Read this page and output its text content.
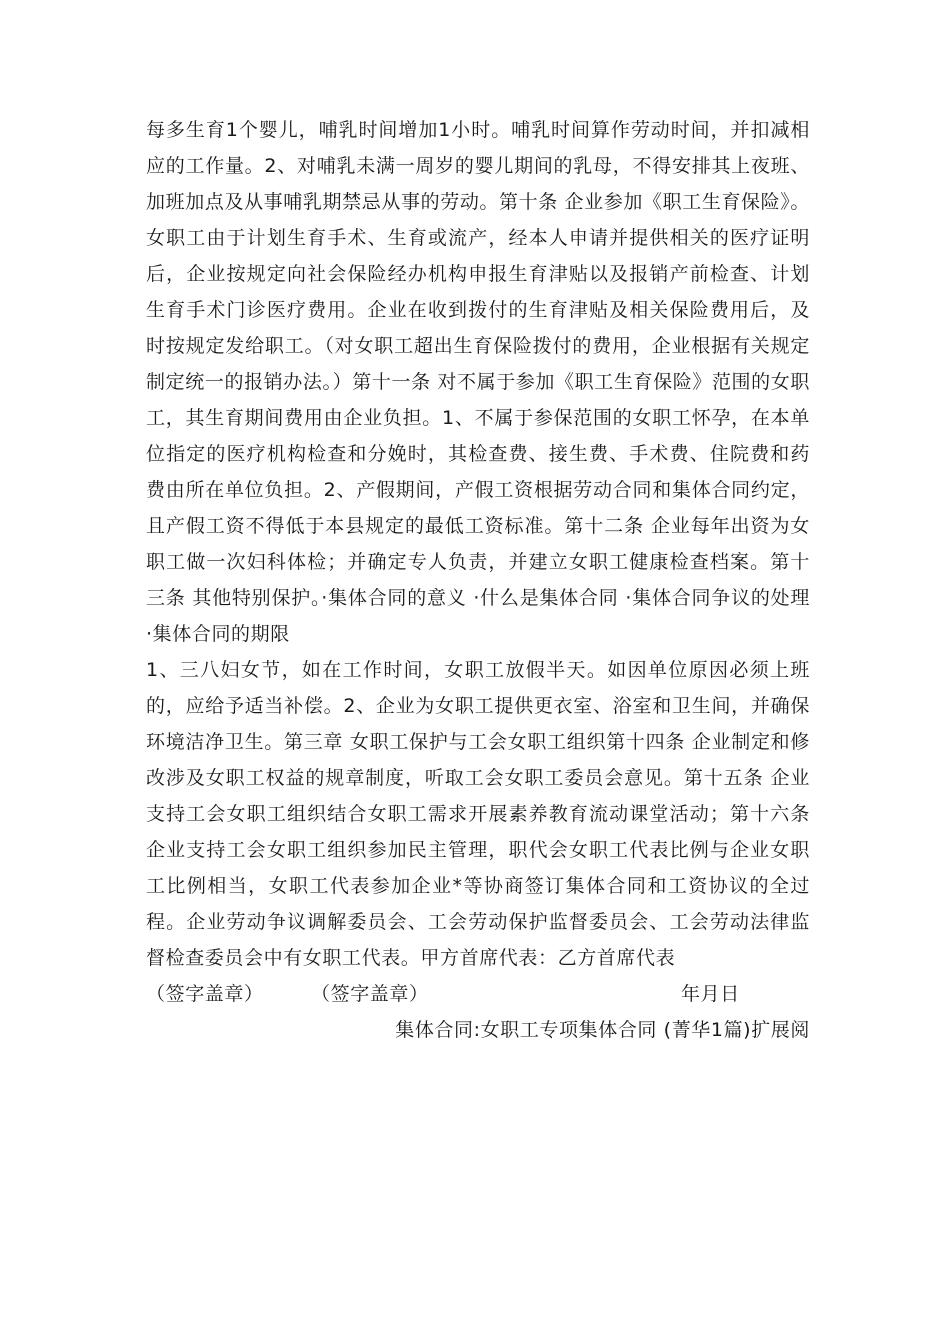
每多生育1个婴儿，哺乳时间增加1小时。哺乳时间算作劳动时间，并扣减相应的工作量。2、对哺乳未满一周岁的婴儿期间的乳母，不得安排其上夜班、加班加点及从事哺乳期禁忌从事的劳动。第十条 企业参加《职工生育保险》。女职工由于计划生育手术、生育或流产，经本人申请并提供相关的医疗证明后，企业按规定向社会保险经办机构申报生育津贴以及报销产前检查、计划生育手术门诊医疗费用。企业在收到拨付的生育津贴及相关保险费用后，及时按规定发给职工。（对女职工超出生育保险拨付的费用，企业根据有关规定制定统一的报销办法。）第十一条 对不属于参加《职工生育保险》范围的女职工，其生育期间费用由企业负担。1、不属于参保范围的女职工怀孕，在本单位指定的医疗机构检查和分娩时，其检查费、接生费、手术费、住院费和药费由所在单位负担。2、产假期间，产假工资根据劳动合同和集体合同约定，且产假工资不得低于本县规定的最低工资标准。第十二条 企业每年出资为女职工做一次妇科体检；并确定专人负责，并建立女职工健康检查档案。第十三条 其他特别保护。·集体合同的意义 ·什么是集体合同 ·集体合同争议的处理 ·集体合同的期限

1、三八妇女节，如在工作时间，女职工放假半天。如因单位原因必须上班的，应给予适当补偿。2、企业为女职工提供更衣室、浴室和卫生间，并确保环境洁净卫生。第三章 女职工保护与工会女职工组织第十四条 企业制定和修改涉及女职工权益的规章制度，听取工会女职工委员会意见。第十五条 企业支持工会女职工组织结合女职工需求开展素养教育流动课堂活动；第十六条 企业支持工会女职工组织参加民主管理，职代会女职工代表比例与企业女职工比例相当，女职工代表参加企业*等协商签订集体合同和工资协议的全过程。企业劳动争议调解委员会、工会劳动保护监督委员会、工会劳动法律监督检查委员会中有女职工代表。甲方首席代表：乙方首席代表

（签字盖章） （签字盖章）	年月日
集体合同:女职工专项集体合同 (菁华1篇)扩展阅
